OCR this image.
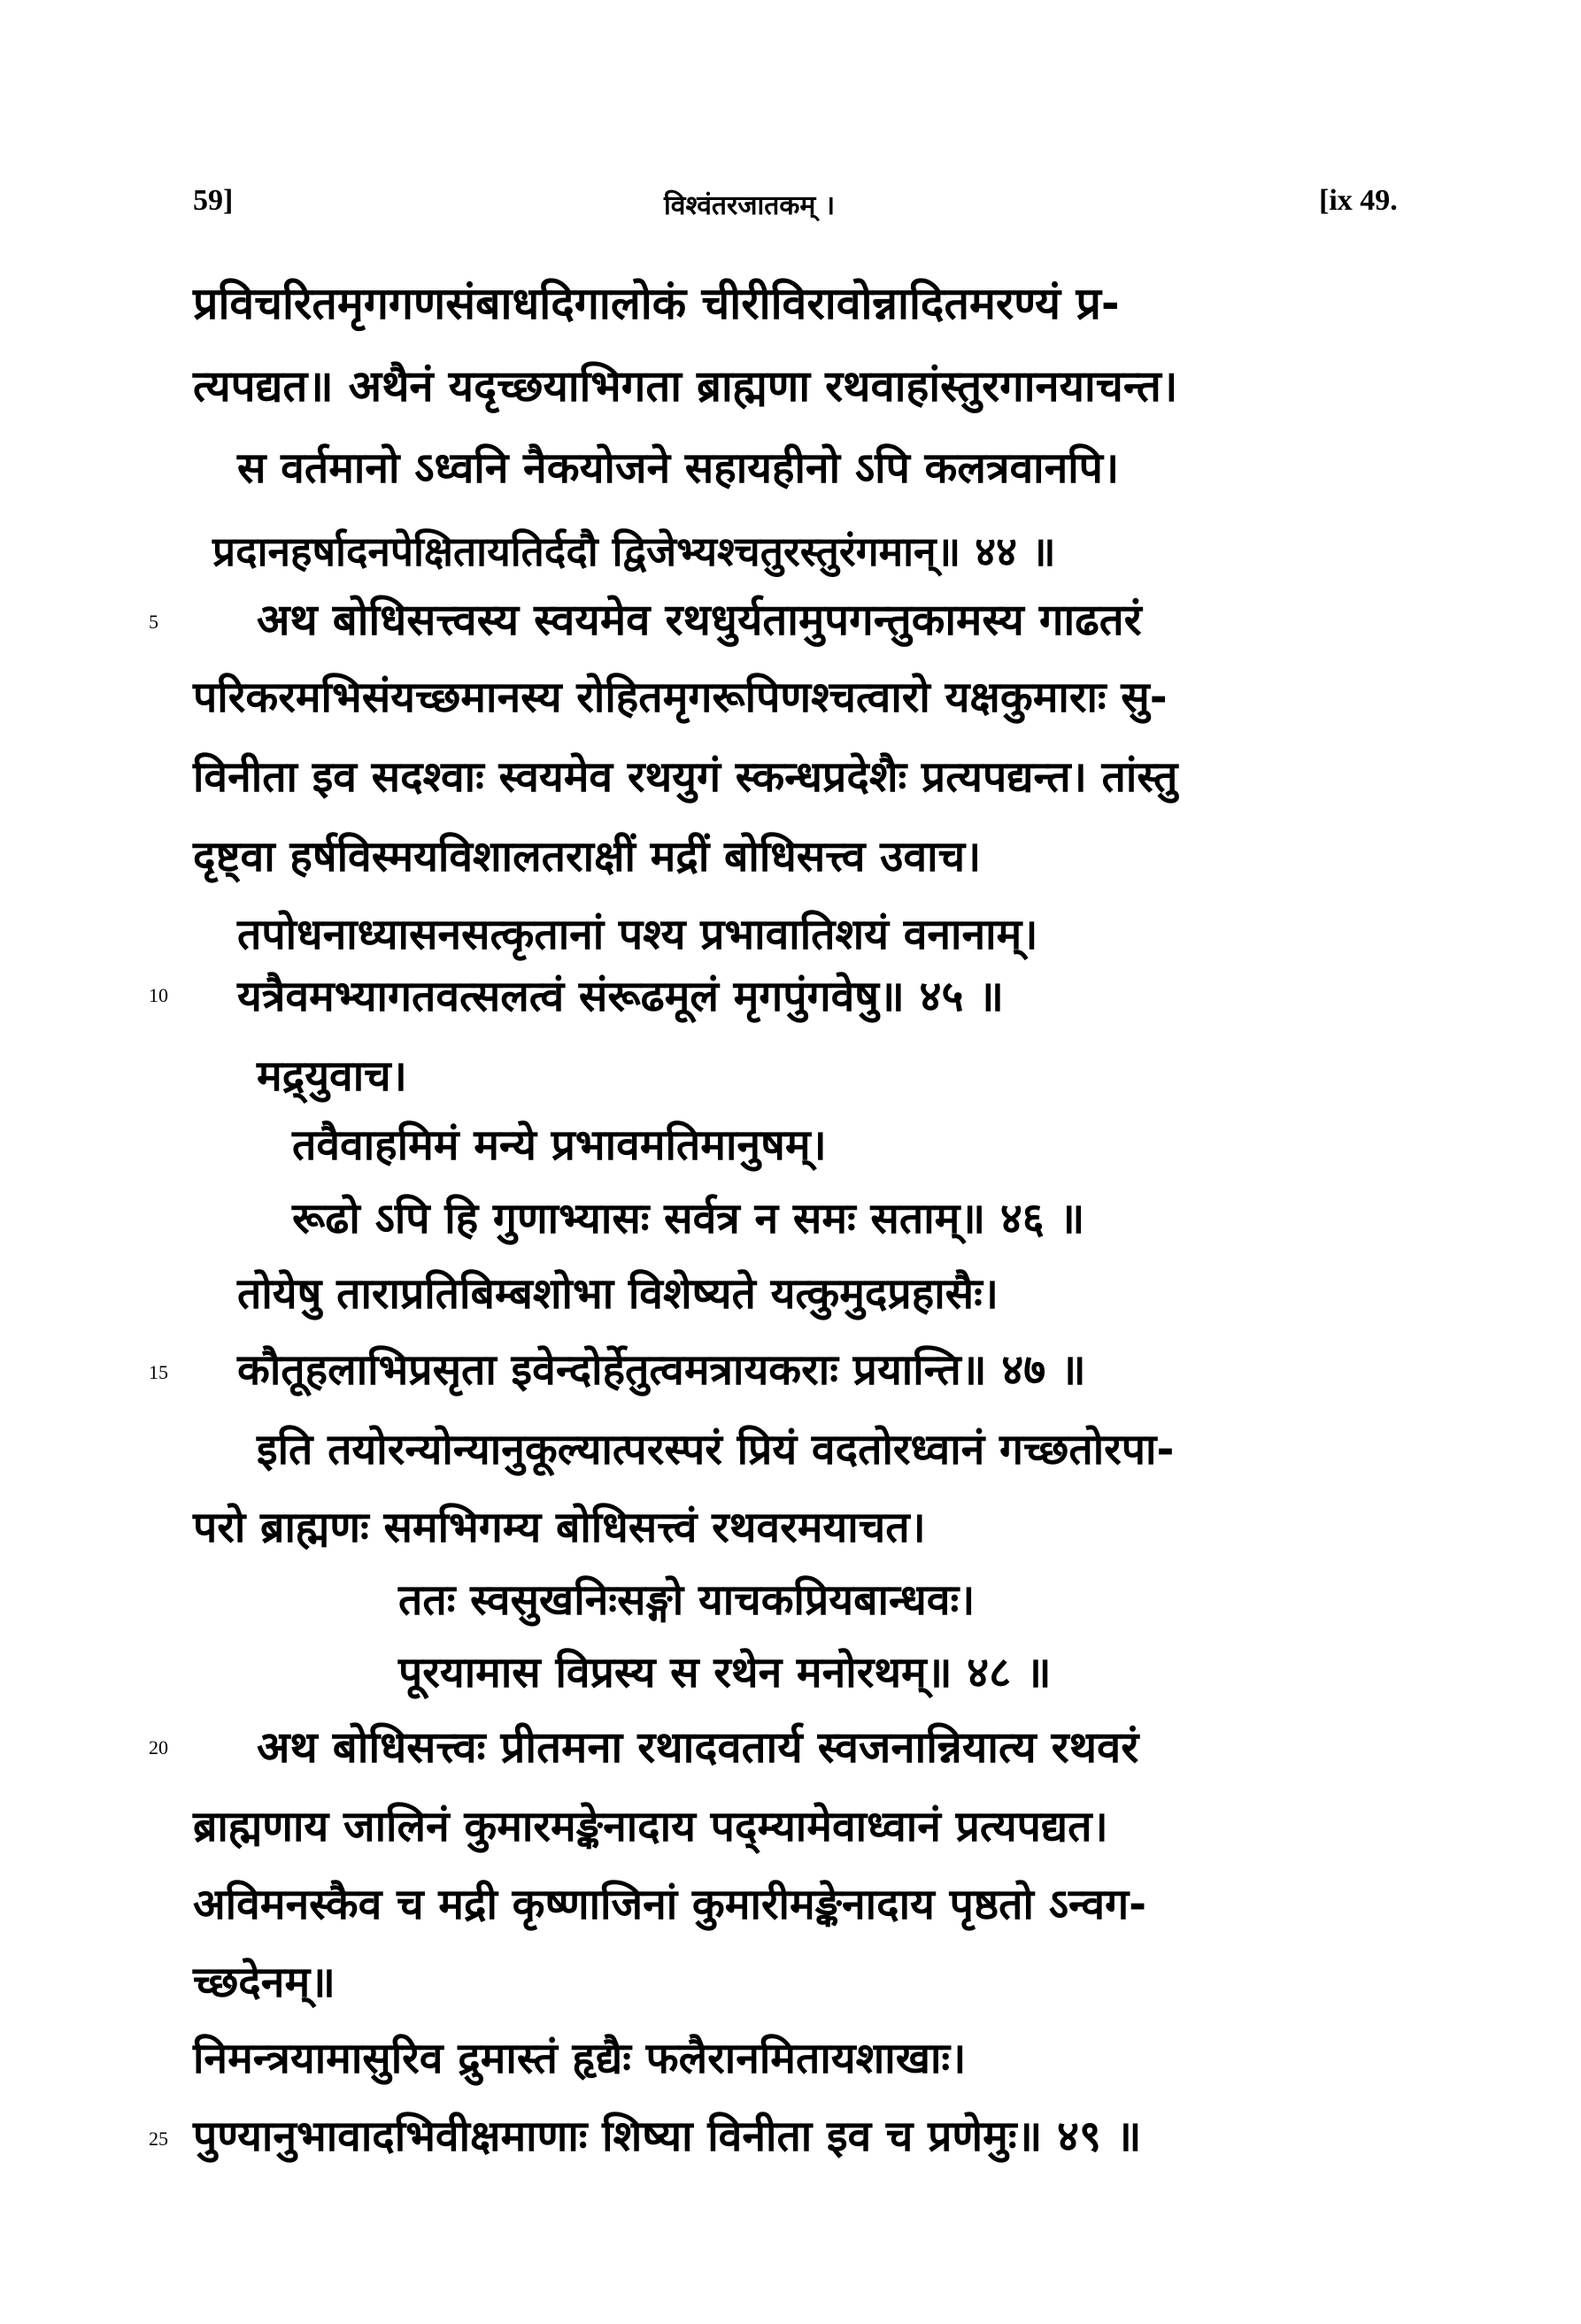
59]	विश्वंतरजातकम् ।	[ix 49.
प्रविचरितमृगगणसंबाधदिगालोकं चीरीविरावोन्नादितमरण्यं प्र-
त्यपद्यत॥ अथैनं यदृच्छयाभिगता ब्राह्मणा रथवाहांस्तुरगानयाचन्त।
स वर्तमानो ऽध्वनि नैकयोजने सहायहीनो ऽपि कलत्रवानपि।
प्रदानहर्षादनपेक्षितायतिर्ददौ द्विजेभ्यश्चतुरस्तुरंगमान्॥ ४४ ॥
5 अथ बोधिसत्त्वस्य स्वयमेव रथधुर्यतामुपगन्तुकामस्य गाढतरं
परिकरमभिसंयच्छमानस्य रोहितमृगरूपिणश्चत्वारो यक्षकुमाराः सु-
विनीता इव सदश्वाः स्वयमेव रथयुगं स्कन्धप्रदेशैः प्रत्यपद्यन्त। तांस्तु
दृष्ट्वा हर्षविस्मयविशालतराक्षीं मद्रीं बोधिसत्त्व उवाच।
तपोधनाध्यासनसत्कृतानां पश्य प्रभावातिशयं वनानाम्।
10 यत्रैवमभ्यागतवत्सलत्वं संरूढमूलं मृगपुंगवेषु॥ ४५ ॥
मद्र्युवाच।
तवैवाहमिमं मन्ये प्रभावमतिमानुषम्।
रूढो ऽपि हि गुणाभ्यासः सर्वत्र न समः सताम्॥ ४६ ॥
तोयेषु ताराप्रतिबिम्बशोभा विशेष्यते यत्कुमुदप्रहासैः।
15 कौतूहलाभिप्रसृता इवेन्दोर्हेतुत्वमत्रायकराः प्रयान्ति॥ ४७ ॥
इति तयोरन्योन्यानुकूल्यात्परस्परं प्रियं वदतोरध्वानं गच्छतोरपा-
परो ब्राह्मणः समभिगम्य बोधिसत्त्वं रथवरमयाचत।
ततः स्वसुखनिःसङ्गो याचकप्रियबान्धवः।
पूरयामास विप्रस्य स रथेन मनोरथम्॥ ४८ ॥
20 अथ बोधिसत्त्वः प्रीतमना रथादवतार्य स्वजनान्नियात्य रथवरं
ब्राह्मणाय जालिनं कुमारमङ्केनादाय पद्म्यामेवाध्वानं प्रत्यपद्यत।
अविमनस्कैव च मद्री कृष्णाजिनां कुमारीमङ्केनादाय पृष्ठतो ऽन्वग-
च्छदेनम्॥
निमन्त्रयामासुरिव द्रुमास्तं हृद्यैः फलैरानमितायशाखाः।
25 पुण्यानुभावादभिवीक्षमाणाः शिष्या विनीता इव च प्रणेमुः॥ ४९ ॥
